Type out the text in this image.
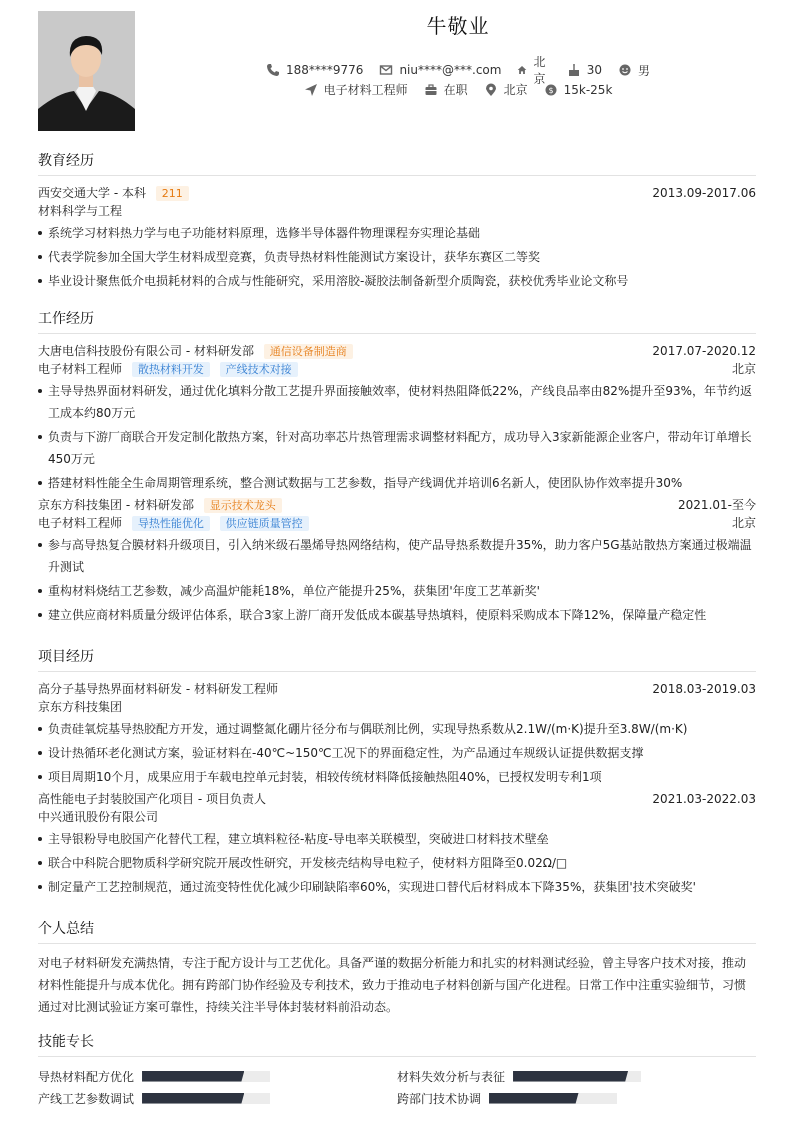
牛敬业
188****9776	niu****@***.com
北京
30	男
电子材料工程师	在职	北京	$ 15k-25k
教育经历
西安交通大学 - 本科 211	2013.09-2017.06
材料科学与工程
系统学习材料热力学与电子功能材料原理，选修半导体器件物理课程夯实理论基础
代表学院参加全国大学生材料成型竞赛，负责导热材料性能测试方案设计，获华东赛区二等奖
毕业设计聚焦低介电损耗材料的合成与性能研究，采用溶胶-凝胶法制备新型介质陶瓷，获校优秀毕业论文称号
工作经历
大唐电信科技股份有限公司 - 材料研发部 通信设备制造商	2017.07-2020.12
电子材料工程师 散热材料开发 产线技术对接	北京
主导导热界面材料研发，通过优化填料分散工艺提升界面接触效率，使材料热阻降低22%，产线良品率由82%提升至93%，年节约返工成本约80万元
负责与下游厂商联合开发定制化散热方案，针对高功率芯片热管理需求调整材料配方，成功导入3家新能源企业客户，带动年订单增长450万元
搭建材料性能全生命周期管理系统，整合测试数据与工艺参数，指导产线调优并培训6名新人，使团队协作效率提升30%
京东方科技集团 - 材料研发部 显示技术龙头	2021.01-至今
电子材料工程师 导热性能优化 供应链质量管控	北京
参与高导热复合膜材料升级项目，引入纳米级石墨烯导热网络结构，使产品导热系数提升35%，助力客户5G基站散热方案通过极端温升测试
重构材料烧结工艺参数，减少高温炉能耗18%，单位产能提升25%，获集团'年度工艺革新奖'
建立供应商材料质量分级评估体系，联合3家上游厂商开发低成本碳基导热填料，使原料采购成本下降12%，保障量产稳定性
项目经历
高分子基导热界面材料研发 - 材料研发工程师	2018.03-2019.03
京东方科技集团
负责硅氧烷基导热胶配方开发，通过调整氮化硼片径分布与偶联剂比例，实现导热系数从2.1W/(m·K)提升至3.8W/(m·K)
设计热循环老化测试方案，验证材料在-40℃~150℃工况下的界面稳定性，为产品通过车规级认证提供数据支撑
项目周期10个月，成果应用于车载电控单元封装，相较传统材料降低接触热阻40%，已授权发明专利1项
高性能电子封装胶国产化项目 - 项目负责人	2021.03-2022.03
中兴通讯股份有限公司
主导银粉导电胶国产化替代工程，建立填料粒径-粘度-导电率关联模型，突破进口材料技术壁垒
联合中科院合肥物质科学研究院开展改性研究，开发核壳结构导电粒子，使材料方阻降至0.02Ω/□
制定量产工艺控制规范，通过流变特性优化减少印刷缺陷率60%，实现进口替代后材料成本下降35%，获集团'技术突破奖'
个人总结
对电子材料研发充满热情，专注于配方设计与工艺优化。具备严谨的数据分析能力和扎实的材料测试经验，曾主导客户技术对接，推动材料性能提升与成本优化。拥有跨部门协作经验及专利技术，致力于推动电子材料创新与国产化进程。日常工作中注重实验细节，习惯通过对比测试验证方案可靠性，持续关注半导体封装材料前沿动态。
技能专长
导热材料配方优化	材料失效分析与表征
产线工艺参数调试	跨部门技术协调
